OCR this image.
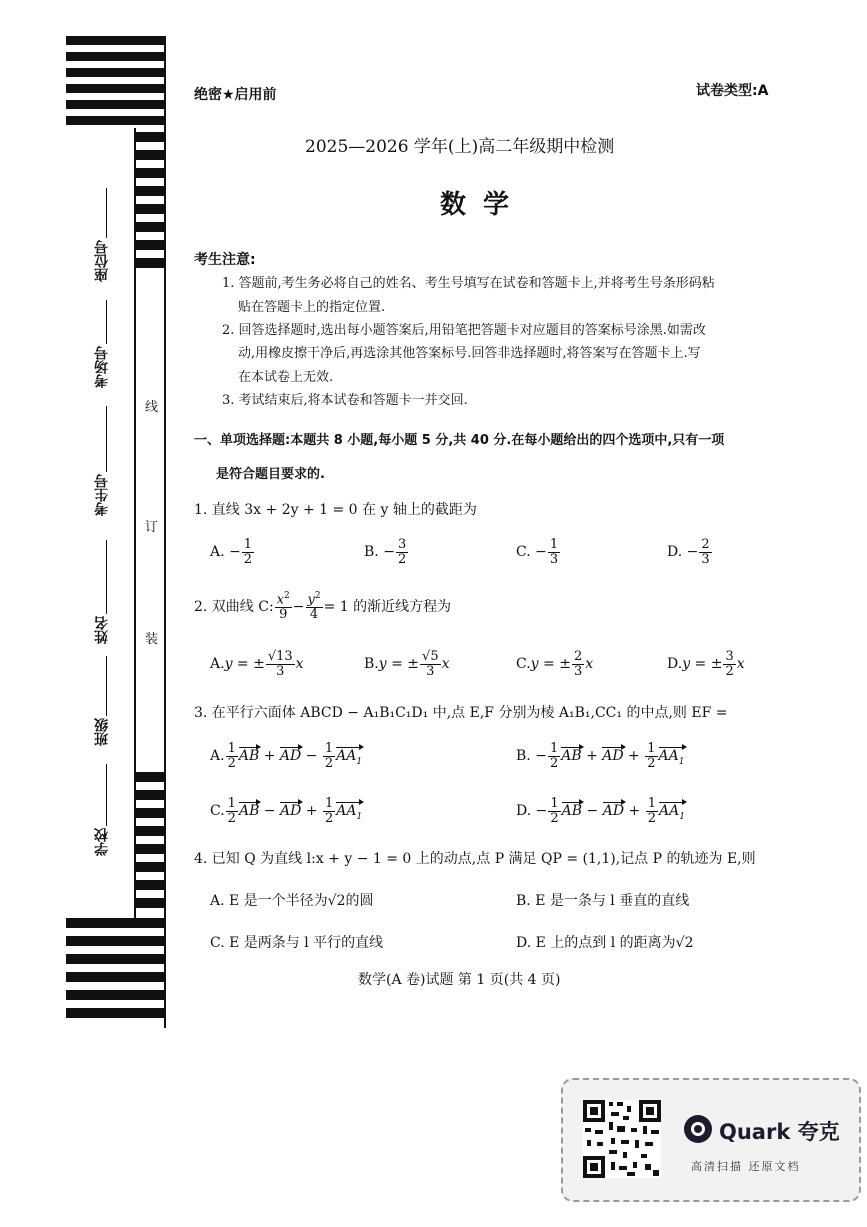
座位号
考场号
考生号
姓名
班级
学校
线
订
装
绝密★启用前	试卷类型:A
2025—2026 学年(上)高二年级期中检测
数 学
考生注意:
1. 答题前,考生务必将自己的姓名、考生号填写在试卷和答题卡上,并将考生号条形码粘
贴在答题卡上的指定位置.
2. 回答选择题时,选出每小题答案后,用铅笔把答题卡对应题目的答案标号涂黑.如需改
动,用橡皮擦干净后,再选涂其他答案标号.回答非选择题时,将答案写在答题卡上.写
在本试卷上无效.
3. 考试结束后,将本试卷和答题卡一并交回.
一、单项选择题:本题共 8 小题,每小题 5 分,共 40 分.在每小题给出的四个选项中,只有一项
是符合题目要求的.
1. 直线 3x + 2y + 1 = 0 在 y 轴上的截距为
A. − $\frac{1}{2}$	B. − $\frac{3}{2}$	C. − $\frac{1}{3}$	D. − $\frac{2}{3}$
2. 双曲线 C: $\frac{x^2}{9} - \frac{y^2}{4} = 1$ 的渐近线方程为
A.y = ± $\frac{√13}{3}$ x	B.y = ± $\frac{√5}{3}$ x	C.y = ± $\frac{2}{3}$ x	D.y = ± $\frac{3}{2}$ x
3. 在平行六面体 ABCD − A₁B₁C₁D₁ 中,点 E,F 分别为棱 A₁B₁,CC₁ 的中点,则 EF =
A. $\frac{1}{2}$ AB + AD − $\frac{1}{2} AA_1$	B. − $\frac{1}{2}$ AB + AD + $\frac{1}{2} AA_1$
C. $\frac{1}{2}$ AB − AD + $\frac{1}{2} AA_1$	D. − $\frac{1}{2}$ AB − AD + $\frac{1}{2} AA_1$
4. 已知 Q 为直线 l:x + y − 1 = 0 上的动点,点 P 满足 QP = (1,1),记点 P 的轨迹为 E,则
A. E 是一个半径为√2的圆	B. E 是一条与 l 垂直的直线
C. E 是两条与 l 平行的直线	D. E 上的点到 l 的距离为√2
数学(A 卷)试题 第 1 页(共 4 页)
Quark 夸克
高清扫描 还原文档
